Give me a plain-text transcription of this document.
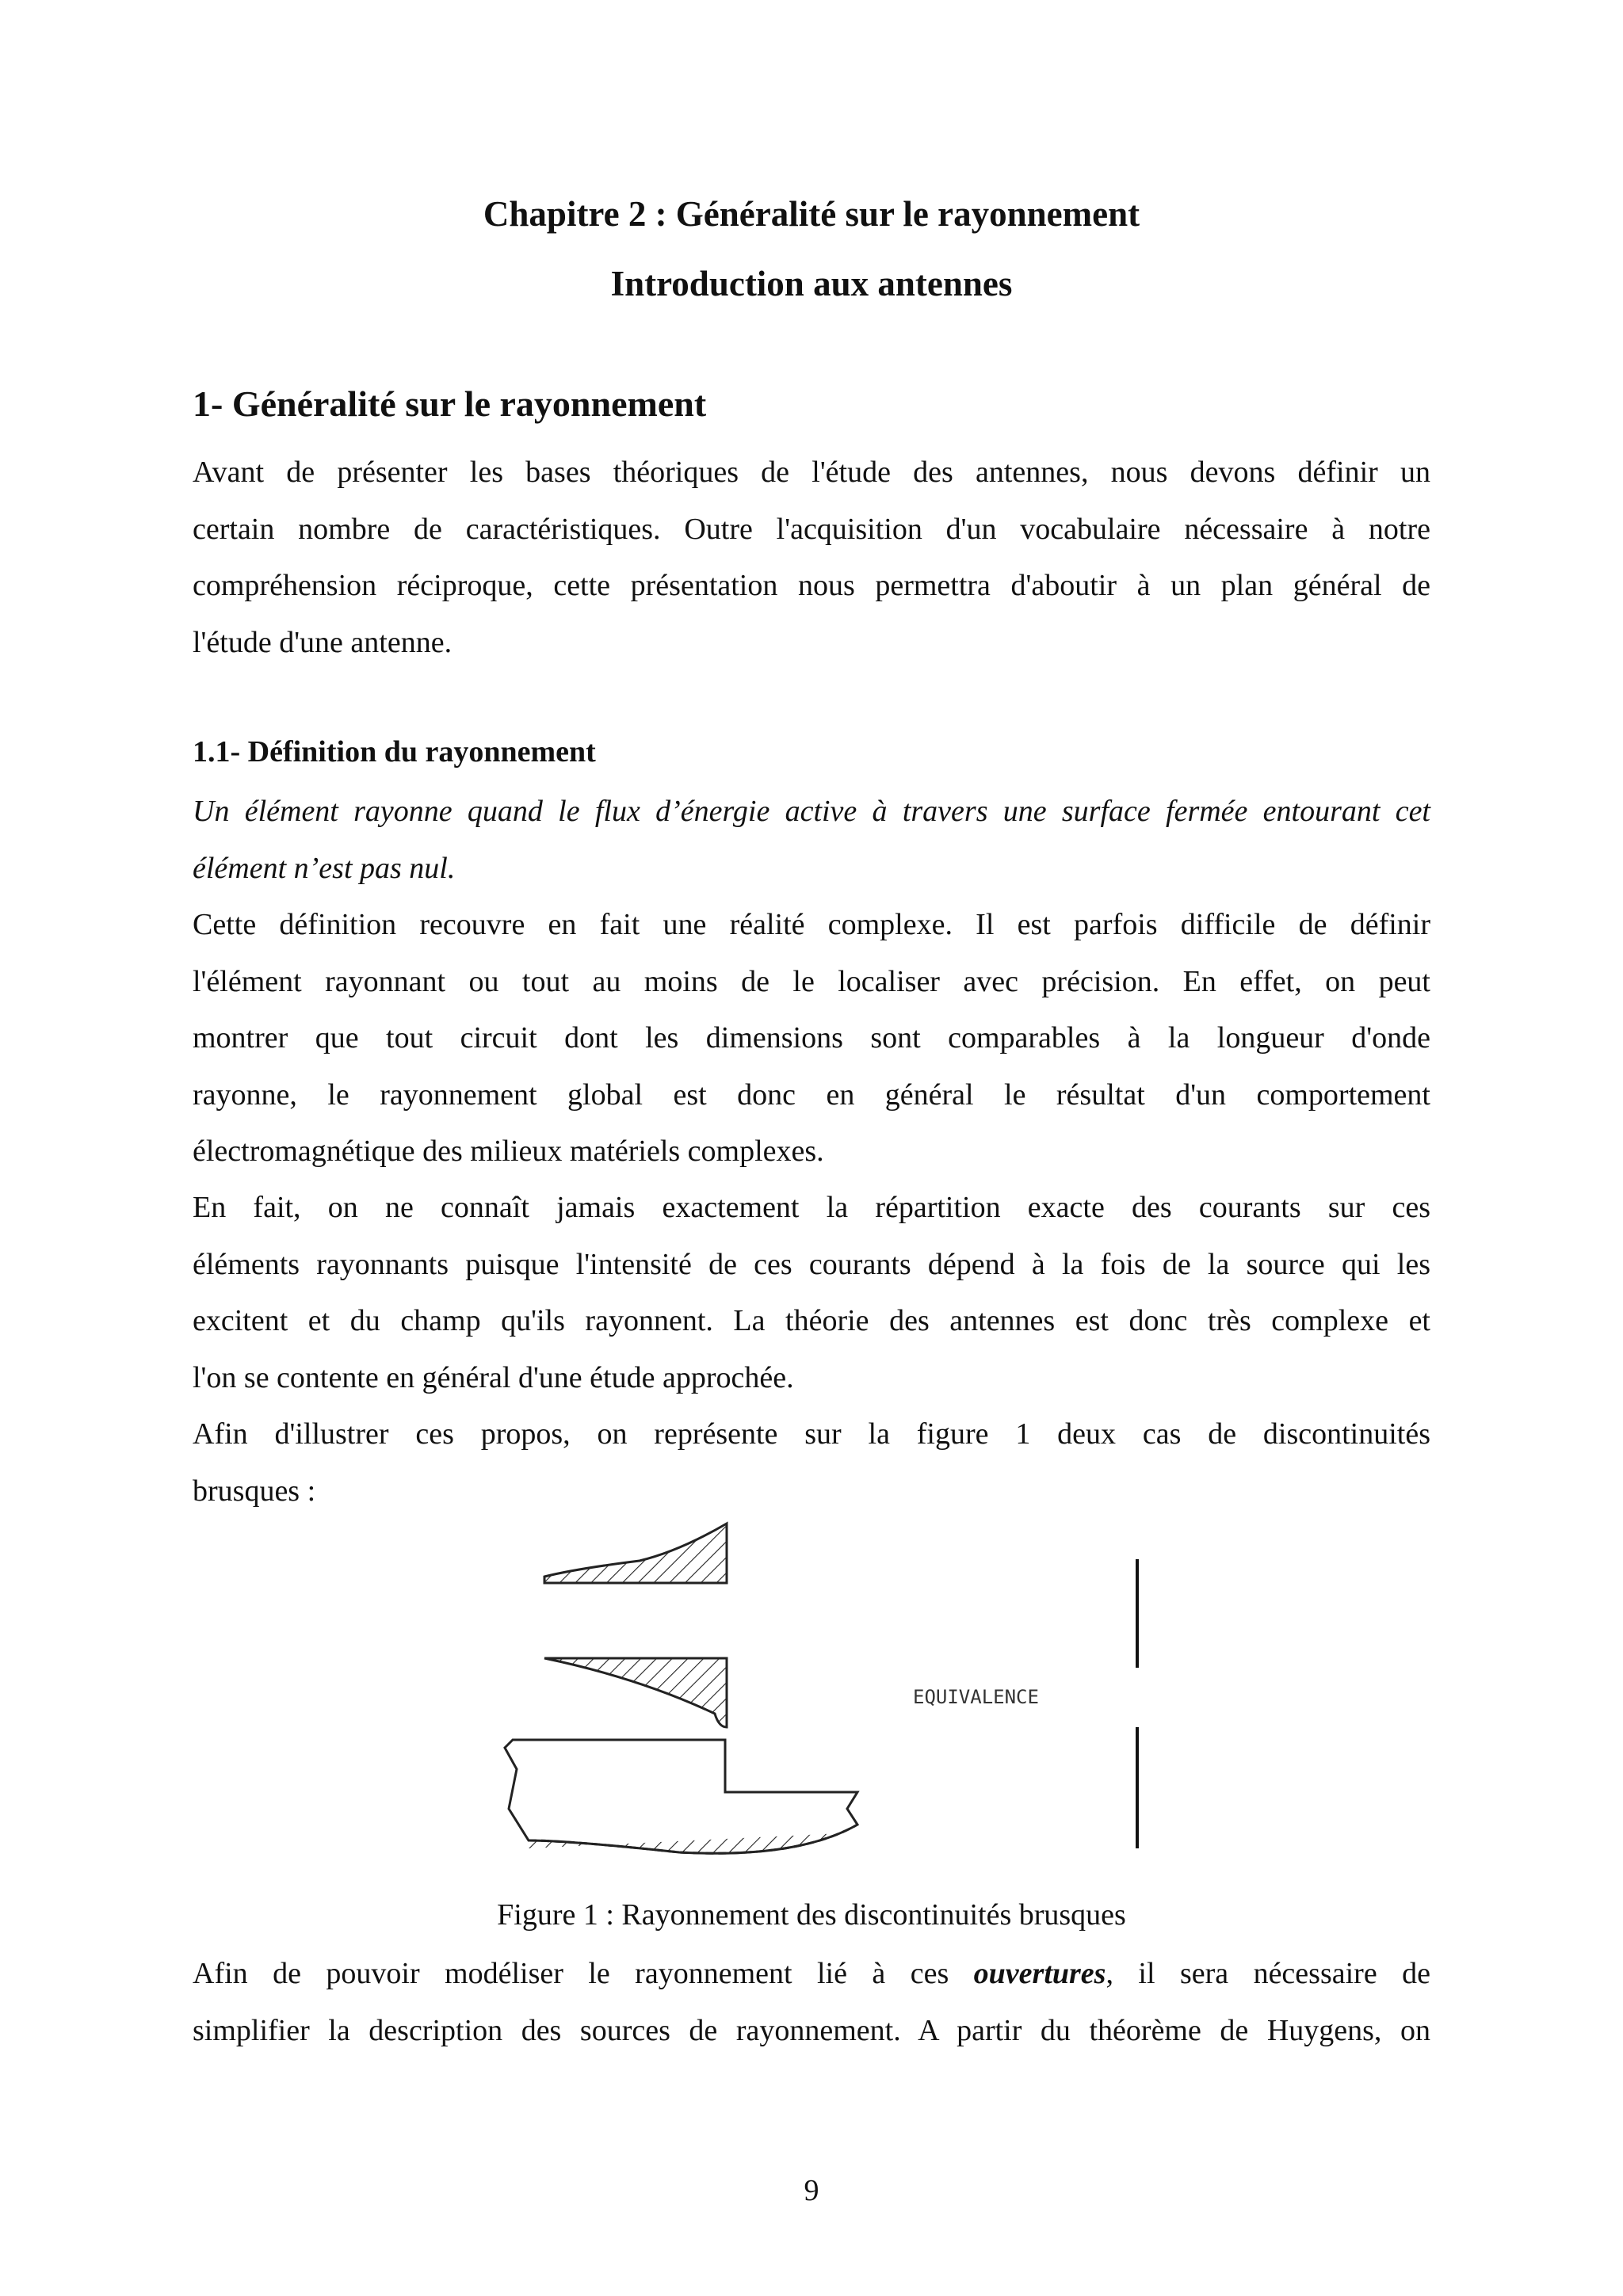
Chapitre 2 : Généralité sur le rayonnement
Introduction aux antennes
1- Généralité sur le rayonnement
Avant de présenter les bases théoriques de l'étude des antennes, nous devons définir un
certain nombre de caractéristiques. Outre l'acquisition d'un vocabulaire nécessaire à notre
compréhension réciproque, cette présentation nous permettra d'aboutir à un plan général de
l'étude d'une antenne.
1.1- Définition du rayonnement
Un élément rayonne quand le flux d’énergie active à travers une surface fermée entourant cet
élément n’est pas nul.
Cette définition recouvre en fait une réalité complexe. Il est parfois difficile de définir
l'élément rayonnant ou tout au moins de le localiser avec précision. En effet, on peut
montrer que tout circuit dont les dimensions sont comparables à la longueur d'onde
rayonne, le rayonnement global est donc en général le résultat d'un comportement
électromagnétique des milieux matériels complexes.
En fait, on ne connaît jamais exactement la répartition exacte des courants sur ces
éléments rayonnants puisque l'intensité de ces courants dépend à la fois de la source qui les
excitent et du champ qu'ils rayonnent. La théorie des antennes est donc très complexe et
l'on se contente en général d'une étude approchée.
Afin d'illustrer ces propos, on représente sur la figure 1 deux cas de discontinuités
brusques :
EQUIVALENCE
Figure 1 : Rayonnement des discontinuités brusques
Afin de pouvoir modéliser le rayonnement lié à ces ouvertures, il sera nécessaire de
simplifier la description des sources de rayonnement. A partir du théorème de Huygens, on
9
